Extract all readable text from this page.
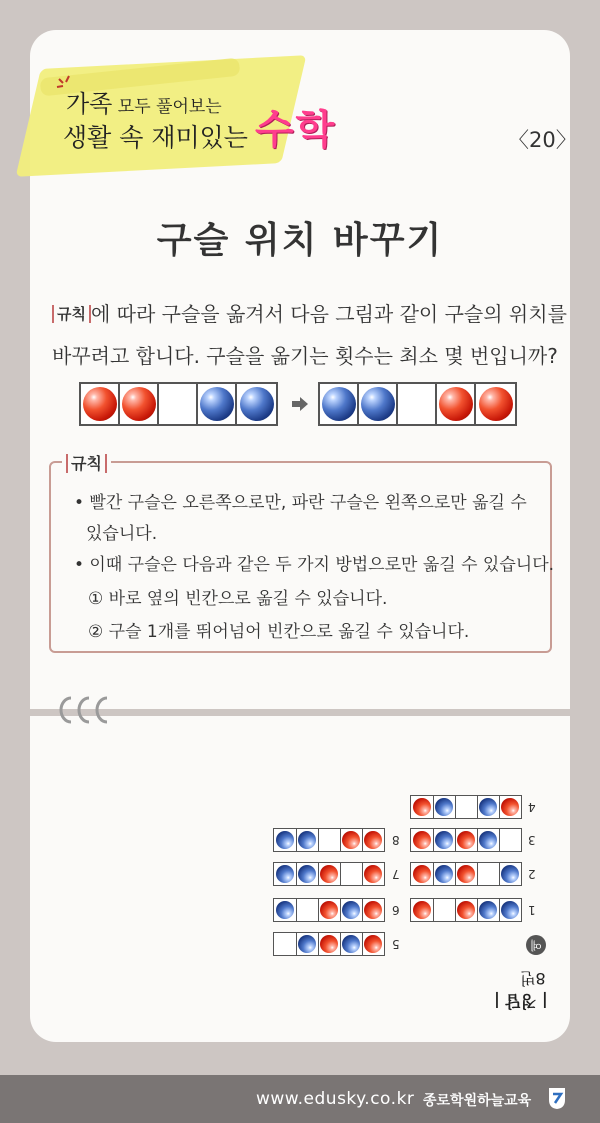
가족 모두 풀어보는
생활 속 재미있는 수학	〈20〉
구슬 위치 바꾸기
규칙 에 따라 구슬을 옮겨서 다음 그림과 같이 구슬의 위치를
바꾸려고 합니다. 구슬을 옮기는 횟수는 최소 몇 번입니까?
규칙
• 빨간 구슬은 오른쪽으로만, 파란 구슬은 왼쪽으로만 옮길 수
있습니다.
• 이때 구슬은 다음과 같은 두 가지 방법으로만 옮길 수 있습니다.
① 바로 옆의 빈칸으로 옮길 수 있습니다.
② 구슬 1개를 뛰어넘어 빈칸으로 옮길 수 있습니다.
1
2
3
4
5
6
7
8
예
8번
| 정답 |
www.edusky.co.kr 종로학원하늘교육
